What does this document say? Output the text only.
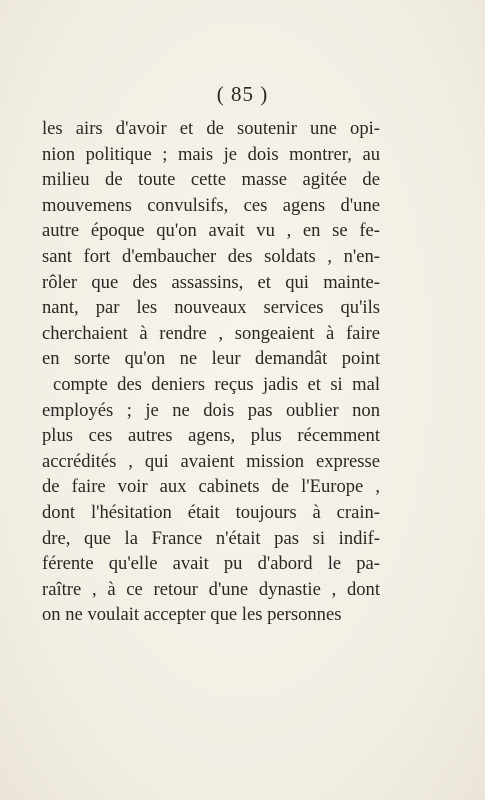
( 85 )
les airs d'avoir et de soutenir une opi-
nion politique ; mais je dois montrer, au
milieu de toute cette masse agitée de
mouvemens convulsifs, ces agens d'une
autre époque qu'on avait vu , en se fe-
sant fort d'embaucher des soldats , n'en-
rôler que des assassins, et qui mainte-
nant, par les nouveaux services qu'ils
cherchaient à rendre , songeaient à faire
en sorte qu'on ne leur demandât point
compte des deniers reçus jadis et si mal
employés ; je ne dois pas oublier non
plus ces autres agens, plus récemment
accrédités , qui avaient mission expresse
de faire voir aux cabinets de l'Europe ,
dont l'hésitation était toujours à crain-
dre, que la France n'était pas si indif-
férente qu'elle avait pu d'abord le pa-
raître , à ce retour d'une dynastie , dont
on ne voulait accepter que les personnes
